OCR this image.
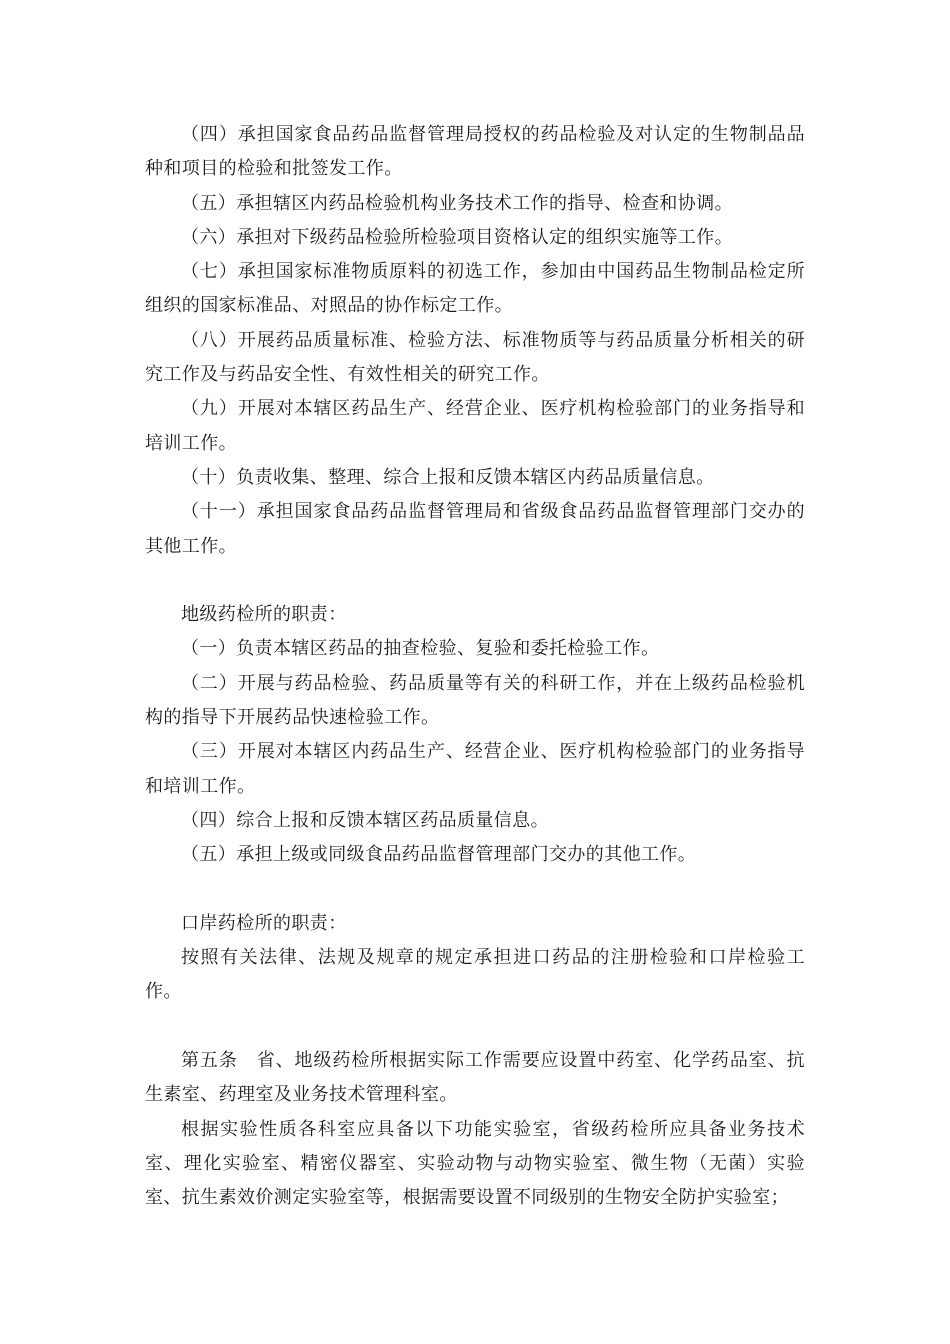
（四）承担国家食品药品监督管理局授权的药品检验及对认定的生物制品品种和项目的检验和批签发工作。

（五）承担辖区内药品检验机构业务技术工作的指导、检查和协调。

（六）承担对下级药品检验所检验项目资格认定的组织实施等工作。

（七）承担国家标准物质原料的初选工作，参加由中国药品生物制品检定所组织的国家标准品、对照品的协作标定工作。

（八）开展药品质量标准、检验方法、标准物质等与药品质量分析相关的研究工作及与药品安全性、有效性相关的研究工作。

（九）开展对本辖区药品生产、经营企业、医疗机构检验部门的业务指导和培训工作。

（十）负责收集、整理、综合上报和反馈本辖区内药品质量信息。

（十一）承担国家食品药品监督管理局和省级食品药品监督管理部门交办的其他工作。

地级药检所的职责：

（一）负责本辖区药品的抽查检验、复验和委托检验工作。

（二）开展与药品检验、药品质量等有关的科研工作，并在上级药品检验机构的指导下开展药品快速检验工作。

（三）开展对本辖区内药品生产、经营企业、医疗机构检验部门的业务指导和培训工作。

（四）综合上报和反馈本辖区药品质量信息。

（五）承担上级或同级食品药品监督管理部门交办的其他工作。

口岸药检所的职责：

按照有关法律、法规及规章的规定承担进口药品的注册检验和口岸检验工作。

第五条　省、地级药检所根据实际工作需要应设置中药室、化学药品室、抗生素室、药理室及业务技术管理科室。

根据实验性质各科室应具备以下功能实验室，省级药检所应具备业务技术室、理化实验室、精密仪器室、实验动物与动物实验室、微生物（无菌）实验室、抗生素效价测定实验室等，根据需要设置不同级别的生物安全防护实验室；
